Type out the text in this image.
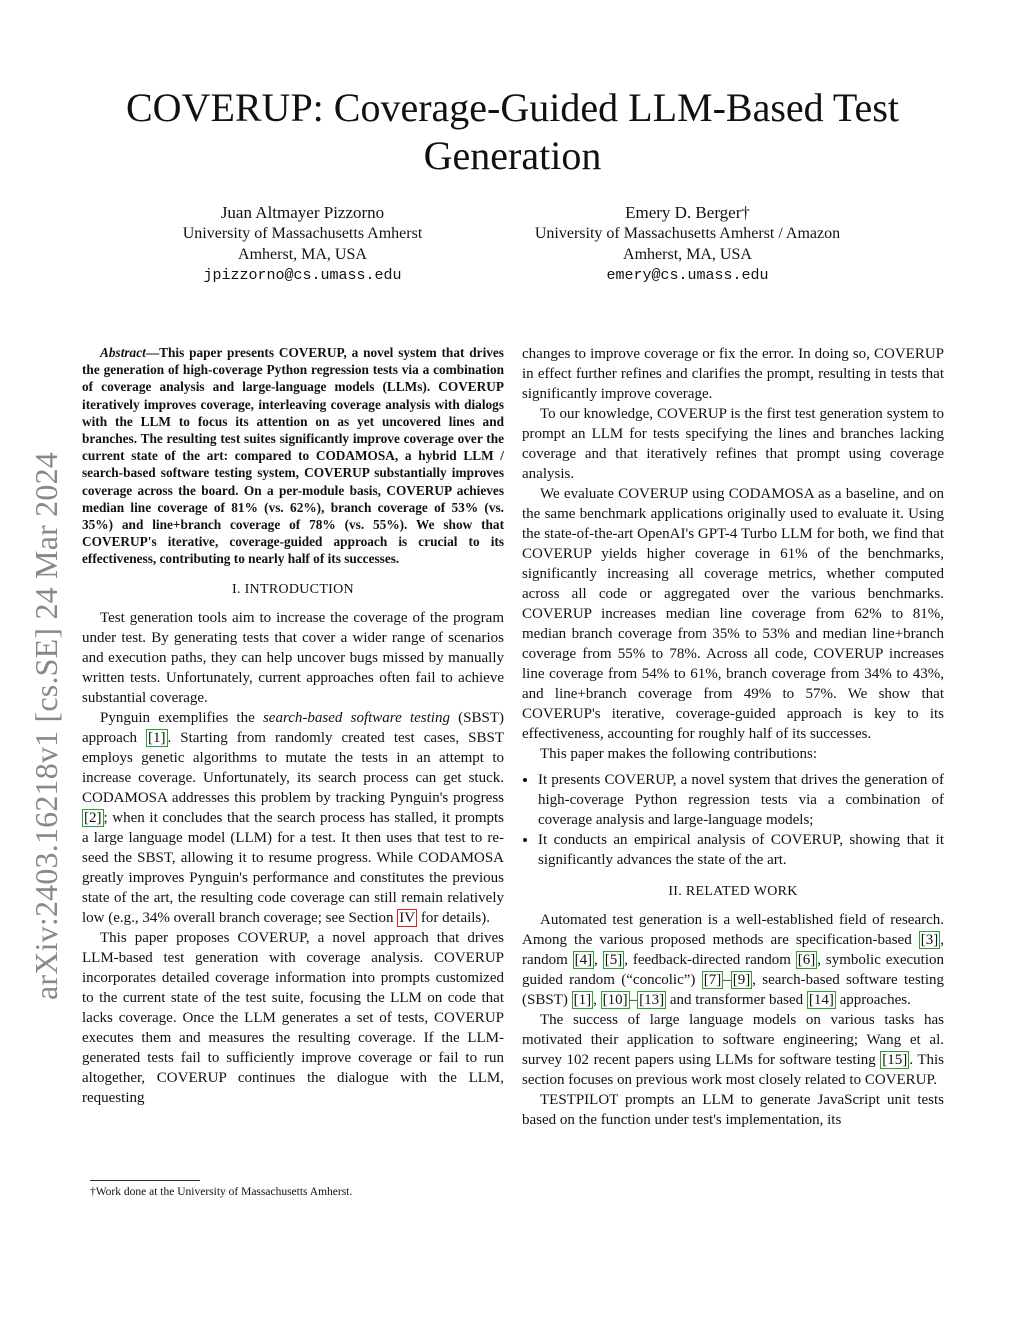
arXiv:2403.16218v1 [cs.SE] 24 Mar 2024
COVERUP: Coverage-Guided LLM-Based Test Generation
Juan Altmayer Pizzorno
University of Massachusetts Amherst
Amherst, MA, USA
jpizzorno@cs.umass.edu
Emery D. Berger†
University of Massachusetts Amherst / Amazon
Amherst, MA, USA
emery@cs.umass.edu

Abstract—This paper presents COVERUP, a novel system that drives the generation of high-coverage Python regression tests via a combination of coverage analysis and large-language models (LLMs). COVERUP iteratively improves coverage, interleaving coverage analysis with dialogs with the LLM to focus its attention on as yet uncovered lines and branches. The resulting test suites significantly improve coverage over the current state of the art: compared to CODAMOSA, a hybrid LLM / search-based software testing system, COVERUP substantially improves coverage across the board. On a per-module basis, COVERUP achieves median line coverage of 81% (vs. 62%), branch coverage of 53% (vs. 35%) and line+branch coverage of 78% (vs. 55%). We show that COVERUP's iterative, coverage-guided approach is crucial to its effectiveness, contributing to nearly half of its successes.

I. INTRODUCTION

Test generation tools aim to increase the coverage of the program under test. By generating tests that cover a wider range of scenarios and execution paths, they can help uncover bugs missed by manually written tests. Unfortunately, current approaches often fail to achieve substantial coverage.

Pynguin exemplifies the search-based software testing (SBST) approach [1] . Starting from randomly created test cases, SBST employs genetic algorithms to mutate the tests in an attempt to increase coverage. Unfortunately, its search process can get stuck. CODAMOSA addresses this problem by tracking Pynguin's progress [2] ; when it concludes that the search process has stalled, it prompts a large language model (LLM) for a test. It then uses that test to re-seed the SBST, allowing it to resume progress. While CODAMOSA greatly improves Pynguin's performance and constitutes the previous state of the art, the resulting code coverage can still remain relatively low (e.g., 34% overall branch coverage; see Section IV for details).

This paper proposes COVERUP, a novel approach that drives LLM-based test generation with coverage analysis. COVERUP incorporates detailed coverage information into prompts customized to the current state of the test suite, focusing the LLM on code that lacks coverage. Once the LLM generates a set of tests, COVERUP executes them and measures the resulting coverage. If the LLM-generated tests fail to sufficiently improve coverage or fail to run altogether, COVERUP continues the dialogue with the LLM, requesting

changes to improve coverage or fix the error. In doing so, COVERUP in effect further refines and clarifies the prompt, resulting in tests that significantly improve coverage.

To our knowledge, COVERUP is the first test generation system to prompt an LLM for tests specifying the lines and branches lacking coverage and that iteratively refines that prompt using coverage analysis.

We evaluate COVERUP using CODAMOSA as a baseline, and on the same benchmark applications originally used to evaluate it. Using the state-of-the-art OpenAI's GPT-4 Turbo LLM for both, we find that COVERUP yields higher coverage in 61% of the benchmarks, significantly increasing all coverage metrics, whether computed across all code or aggregated over the various benchmarks. COVERUP increases median line coverage from 62% to 81%, median branch coverage from 35% to 53% and median line+branch coverage from 55% to 78%. Across all code, COVERUP increases line coverage from 54% to 61%, branch coverage from 34% to 43%, and line+branch coverage from 49% to 57%. We show that COVERUP's iterative, coverage-guided approach is key to its effectiveness, accounting for roughly half of its successes.

This paper makes the following contributions:

• It presents COVERUP, a novel system that drives the generation of high-coverage Python regression tests via a combination of coverage analysis and large-language models;
• It conducts an empirical analysis of COVERUP, showing that it significantly advances the state of the art.
II. RELATED WORK

Automated test generation is a well-established field of research. Among the various proposed methods are specification-based [3] , random [4] , [5] , feedback-directed random [6] , symbolic execution guided random (“concolic”) [7] – [9] , search-based software testing (SBST) [1] , [10] – [13] and transformer based [14] approaches.

The success of large language models on various tasks has motivated their application to software engineering; Wang et al. survey 102 recent papers using LLMs for software testing [15] . This section focuses on previous work most closely related to COVERUP.

TESTPILOT prompts an LLM to generate JavaScript unit tests based on the function under test's implementation, its

†Work done at the University of Massachusetts Amherst.
